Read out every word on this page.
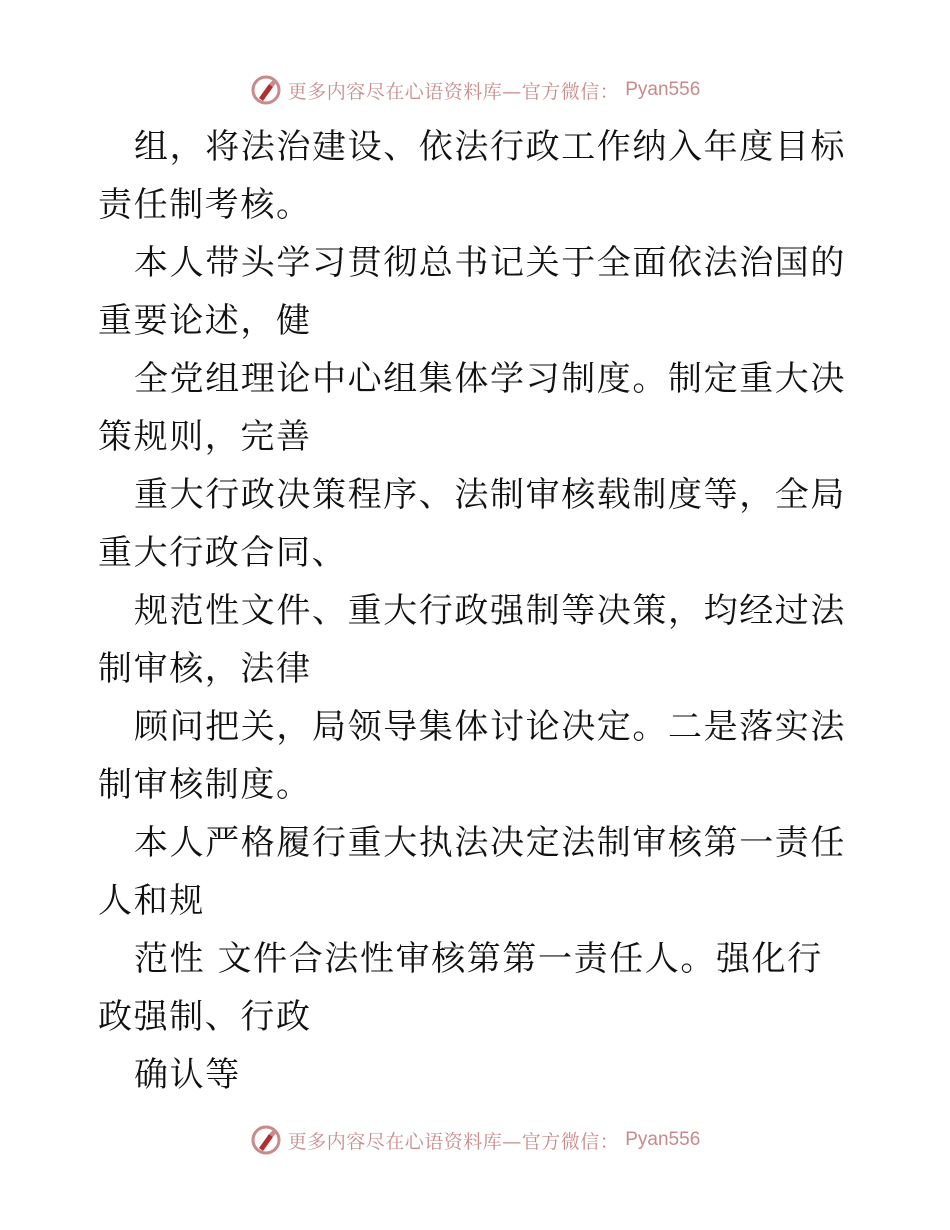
更多内容尽在心语资料库—官方微信： Pyan556

组，将法治建设、依法行政工作纳入年度目标责任制考核。

本人带头学习贯彻总书记关于全面依法治国的重要论述，健

全党组理论中心组集体学习制度。制定重大决策规则，完善

重大行政决策程序、法制审核载制度等，全局重大行政合同、

规范性文件、重大行政强制等决策，均经过法制审核，法律

顾问把关，局领导集体讨论决定。二是落实法制审核制度。

本人严格履行重大执法决定法制审核第一责任人和规

范性 文件合法性审核第第一责任人。强化行政强制、行政

确认等

更多内容尽在心语资料库—官方微信： Pyan556
